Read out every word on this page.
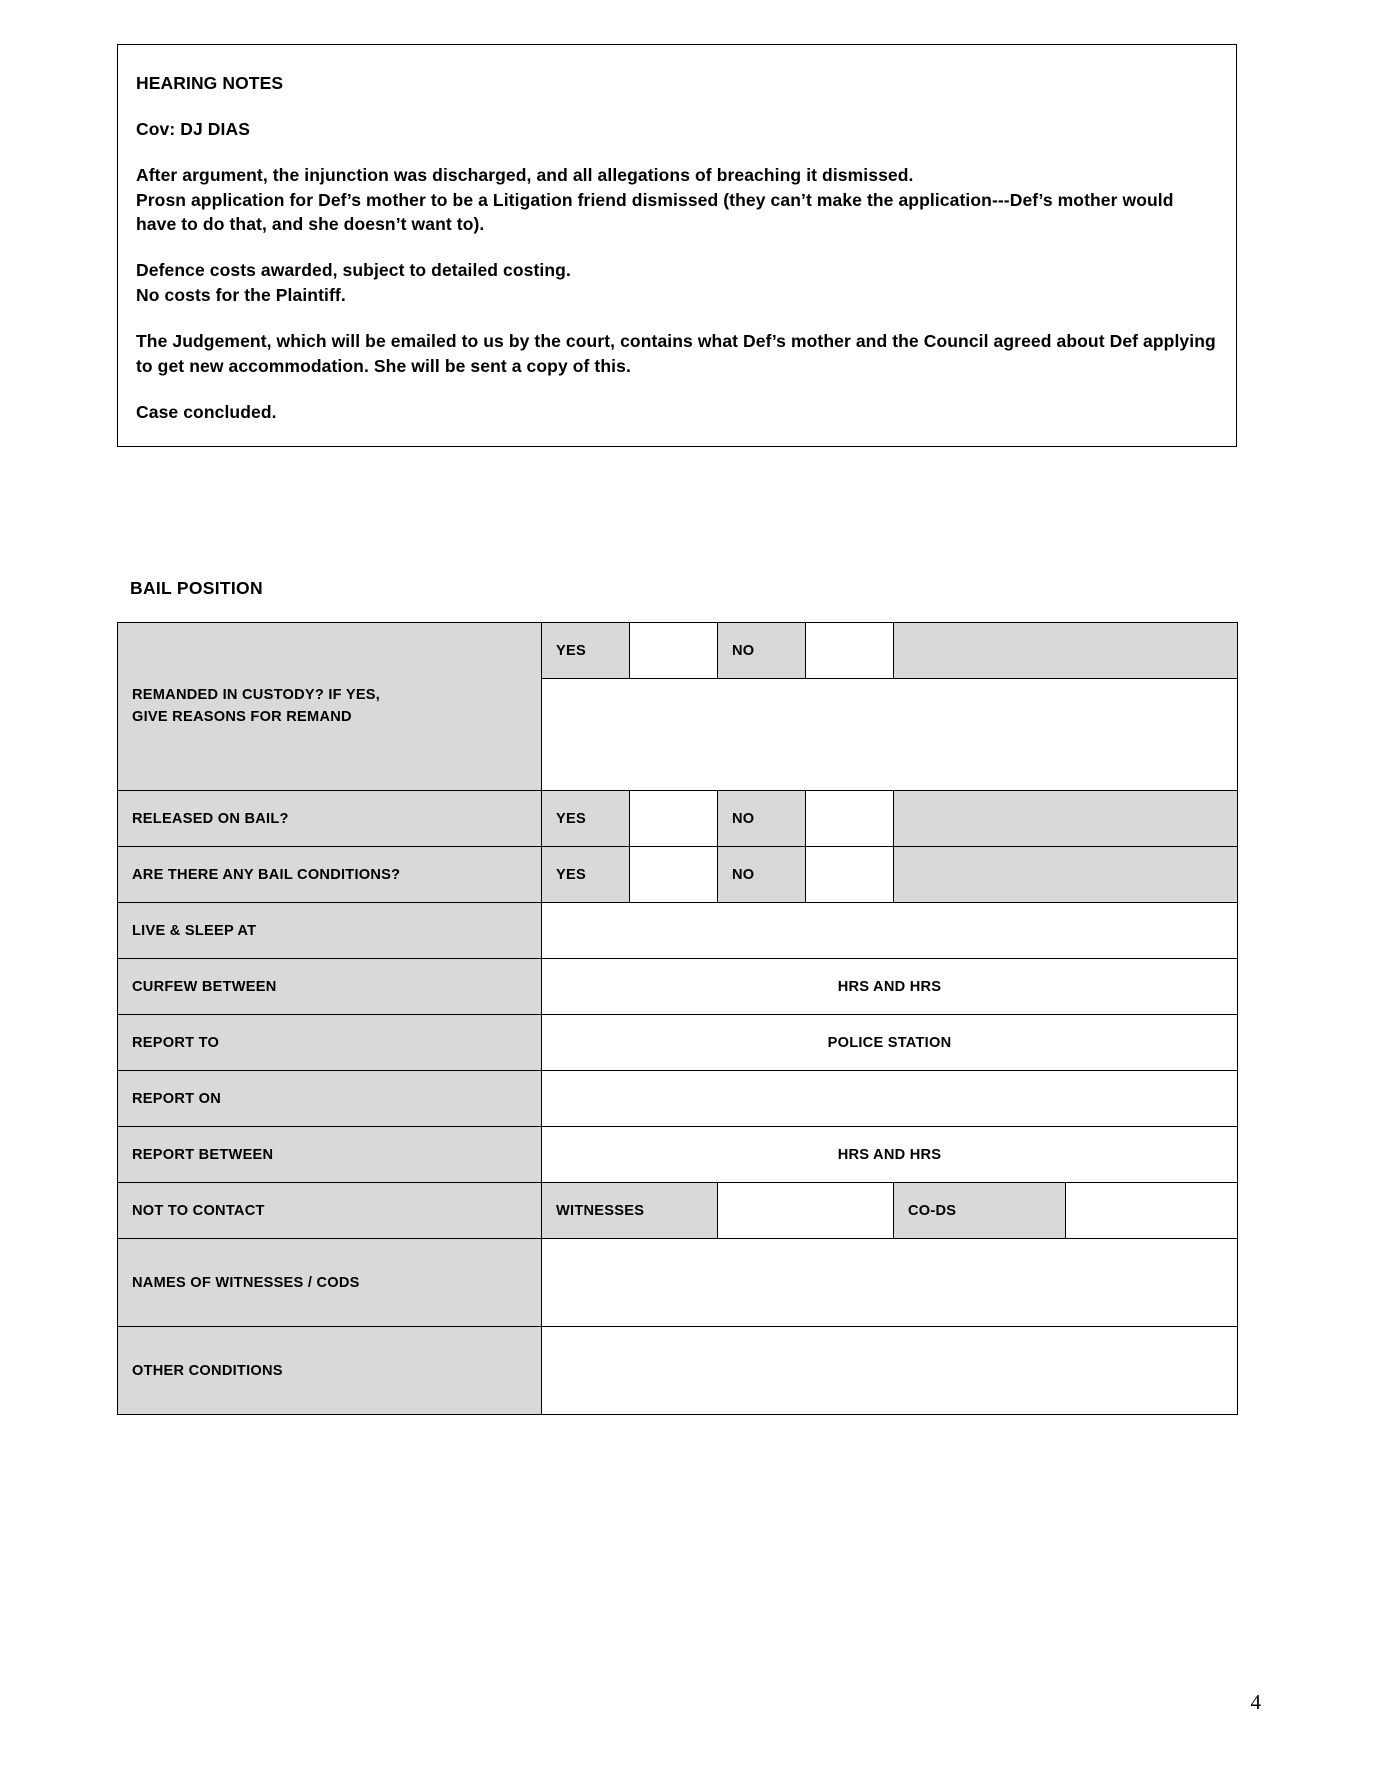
HEARING NOTES

Cov: DJ DIAS

After argument, the injunction was discharged, and all allegations of breaching it dismissed.

Prosn application for Def’s mother to be a Litigation friend dismissed (they can’t make the application---Def’s mother would have to do that, and she doesn’t want to).

Defence costs awarded, subject to detailed costing.

No costs for the Plaintiff.

The Judgement, which will be emailed to us by the court, contains what Def’s mother and the Council agreed about Def applying to get new accommodation. She will be sent a copy of this.

Case concluded.

BAIL POSITION
REMANDED IN CUSTODY? IF YES,
GIVE REASONS FOR REMAND	YES		NO			

RELEASED ON BAIL?	YES		NO			
ARE THERE ANY BAIL CONDITIONS?	YES		NO			
LIVE & SLEEP AT						
CURFEW BETWEEN	HRS AND HRS					
REPORT TO	POLICE STATION					
REPORT ON						
REPORT BETWEEN	HRS AND HRS					
NOT TO CONTACT	WITNESSES				CO-DS	
NAMES OF WITNESSES / CODS						
OTHER CONDITIONS						
4
